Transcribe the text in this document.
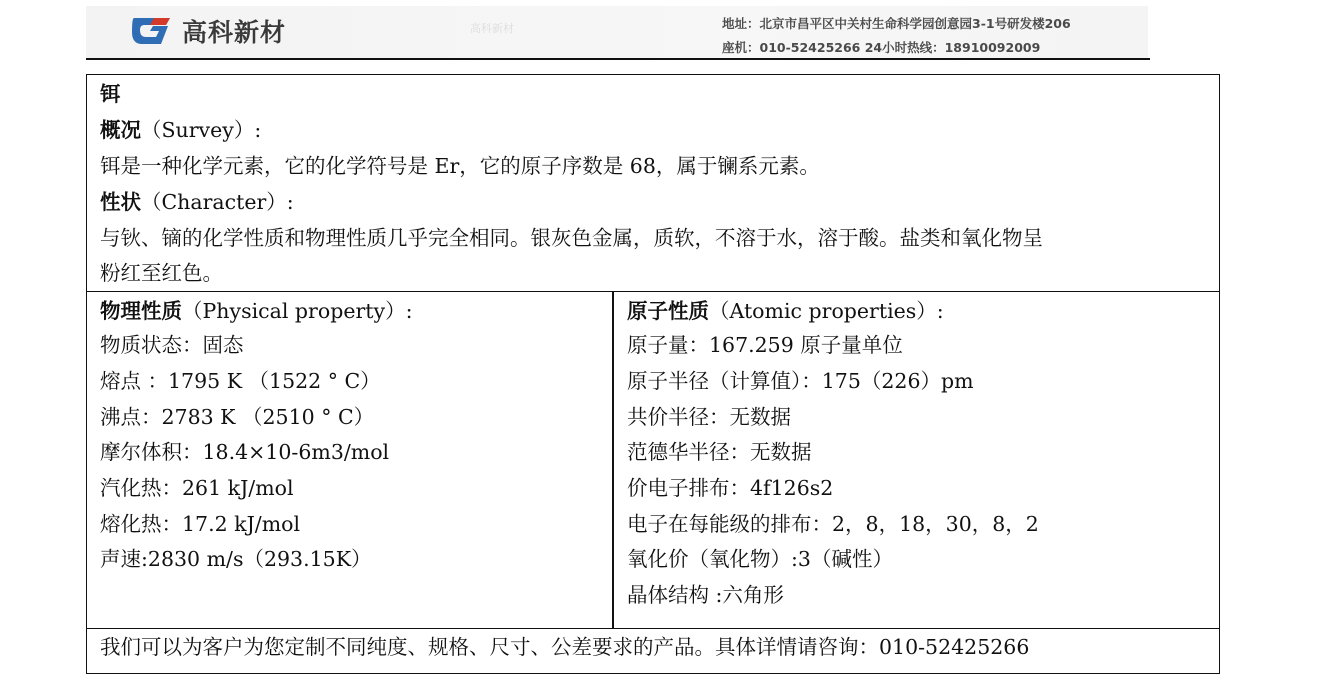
高科新材	高科新材	地址：北京市昌平区中关村生命科学园创意园3-1号研发楼206
座机：010-52425266 24小时热线：18910092009
铒
概况（Survey）:
铒是一种化学元素，它的化学符号是 Er，它的原子序数是 68，属于镧系元素。
性状（Character）:
与钬、镝的化学性质和物理性质几乎完全相同。银灰色金属，质软，不溶于水，溶于酸。盐类和氧化物呈
粉红至红色。
物理性质（Physical property）:
物质状态：固态
熔点 ：1795 K （1522 ° C）
沸点：2783 K （2510 ° C）
摩尔体积：18.4×10-6m3/mol
汽化热：261 kJ/mol
熔化热：17.2 kJ/mol
声速:2830 m/s（293.15K）
原子性质（Atomic properties）:
原子量：167.259 原子量单位
原子半径（计算值）：175（226）pm
共价半径：无数据
范德华半径：无数据
价电子排布：4f126s2
电子在每能级的排布：2，8，18，30，8，2
氧化价（氧化物）:3（碱性）
晶体结构 :六角形
我们可以为客户为您定制不同纯度、规格、尺寸、公差要求的产品。具体详情请咨询：010-52425266
